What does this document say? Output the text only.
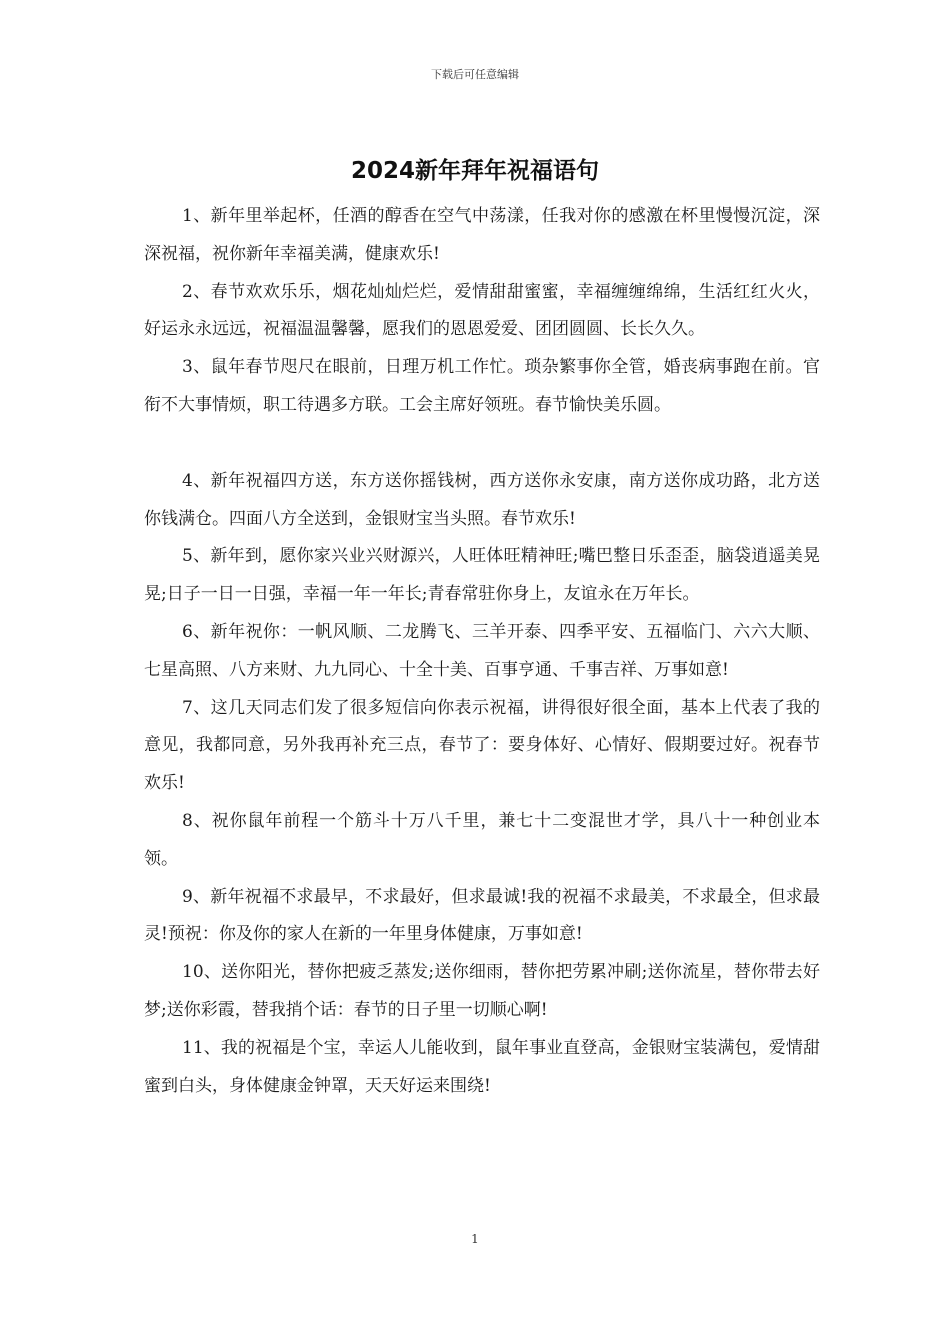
下载后可任意编辑
2024新年拜年祝福语句

1、新年里举起杯，任酒的醇香在空气中荡漾，任我对你的感激在杯里慢慢沉淀，深深祝福，祝你新年幸福美满，健康欢乐!

2、春节欢欢乐乐，烟花灿灿烂烂，爱情甜甜蜜蜜，幸福缠缠绵绵，生活红红火火，好运永永远远，祝福温温馨馨，愿我们的恩恩爱爱、团团圆圆、长长久久。

3、鼠年春节咫尺在眼前，日理万机工作忙。琐杂繁事你全管，婚丧病事跑在前。官衔不大事情烦，职工待遇多方联。工会主席好领班。春节愉快美乐圆。

4、新年祝福四方送，东方送你摇钱树，西方送你永安康，南方送你成功路，北方送你钱满仓。四面八方全送到，金银财宝当头照。春节欢乐!

5、新年到，愿你家兴业兴财源兴，人旺体旺精神旺;嘴巴整日乐歪歪，脑袋逍遥美晃晃;日子一日一日强，幸福一年一年长;青春常驻你身上，友谊永在万年长。

6、新年祝你：一帆风顺、二龙腾飞、三羊开泰、四季平安、五福临门、六六大顺、七星高照、八方来财、九九同心、十全十美、百事亨通、千事吉祥、万事如意!

7、这几天同志们发了很多短信向你表示祝福，讲得很好很全面，基本上代表了我的意见，我都同意，另外我再补充三点，春节了：要身体好、心情好、假期要过好。祝春节欢乐!

8、祝你鼠年前程一个筋斗十万八千里，兼七十二变混世才学，具八十一种创业本领。

9、新年祝福不求最早，不求最好，但求最诚!我的祝福不求最美，不求最全，但求最灵!预祝：你及你的家人在新的一年里身体健康，万事如意!

10、送你阳光，替你把疲乏蒸发;送你细雨，替你把劳累冲刷;送你流星，替你带去好梦;送你彩霞，替我捎个话：春节的日子里一切顺心啊!

11、我的祝福是个宝，幸运人儿能收到，鼠年事业直登高，金银财宝装满包，爱情甜蜜到白头，身体健康金钟罩，天天好运来围绕!

1
